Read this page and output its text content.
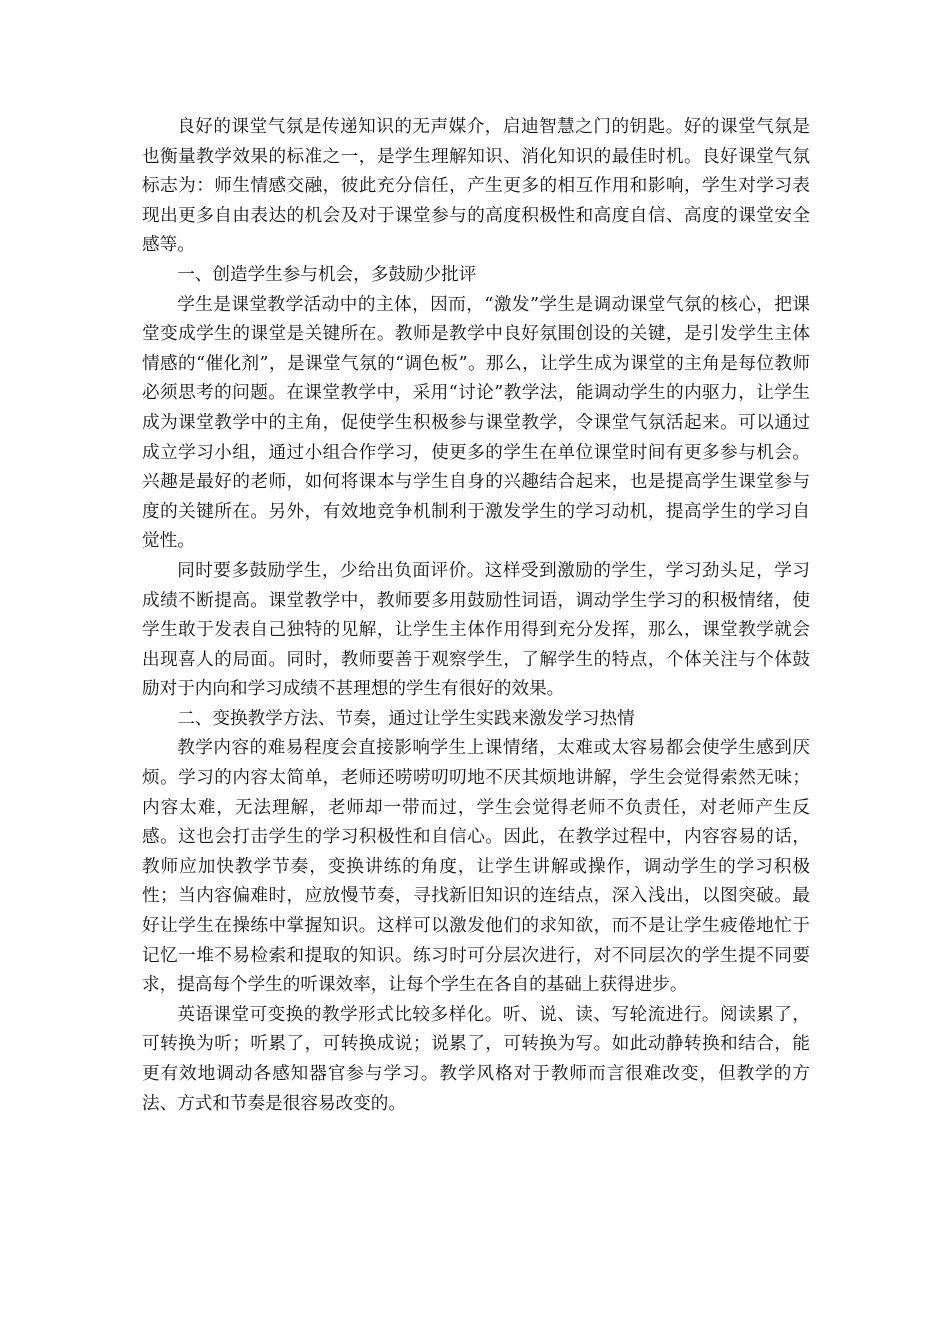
良好的课堂气氛是传递知识的无声媒介，启迪智慧之门的钥匙。好的课堂气氛是也衡量教学效果的标准之一，是学生理解知识、消化知识的最佳时机。良好课堂气氛标志为：师生情感交融，彼此充分信任，产生更多的相互作用和影响，学生对学习表现出更多自由表达的机会及对于课堂参与的高度积极性和高度自信、高度的课堂安全感等。

一、创造学生参与机会，多鼓励少批评

学生是课堂教学活动中的主体，因而，“激发”学生是调动课堂气氛的核心，把课堂变成学生的课堂是关键所在。教师是教学中良好氛围创设的关键，是引发学生主体情感的“催化剂”，是课堂气氛的“调色板”。那么，让学生成为课堂的主角是每位教师必须思考的问题。在课堂教学中，采用“讨论”教学法，能调动学生的内驱力，让学生成为课堂教学中的主角，促使学生积极参与课堂教学，令课堂气氛活起来。可以通过成立学习小组，通过小组合作学习，使更多的学生在单位课堂时间有更多参与机会。兴趣是最好的老师，如何将课本与学生自身的兴趣结合起来，也是提高学生课堂参与度的关键所在。另外，有效地竞争机制利于激发学生的学习动机，提高学生的学习自觉性。

同时要多鼓励学生，少给出负面评价。这样受到激励的学生，学习劲头足，学习成绩不断提高。课堂教学中，教师要多用鼓励性词语，调动学生学习的积极情绪，使学生敢于发表自己独特的见解，让学生主体作用得到充分发挥，那么，课堂教学就会出现喜人的局面。同时，教师要善于观察学生，了解学生的特点，个体关注与个体鼓励对于内向和学习成绩不甚理想的学生有很好的效果。

二、变换教学方法、节奏，通过让学生实践来激发学习热情

教学内容的难易程度会直接影响学生上课情绪，太难或太容易都会使学生感到厌烦。学习的内容太简单，老师还唠唠叨叨地不厌其烦地讲解，学生会觉得索然无味；内容太难，无法理解，老师却一带而过，学生会觉得老师不负责任，对老师产生反感。这也会打击学生的学习积极性和自信心。因此，在教学过程中，内容容易的话，教师应加快教学节奏，变换讲练的角度，让学生讲解或操作，调动学生的学习积极性；当内容偏难时，应放慢节奏，寻找新旧知识的连结点，深入浅出，以图突破。最好让学生在操练中掌握知识。这样可以激发他们的求知欲，而不是让学生疲倦地忙于记忆一堆不易检索和提取的知识。练习时可分层次进行，对不同层次的学生提不同要求，提高每个学生的听课效率，让每个学生在各自的基础上获得进步。

英语课堂可变换的教学形式比较多样化。听、说、读、写轮流进行。阅读累了，可转换为听；听累了，可转换成说；说累了，可转换为写。如此动静转换和结合，能更有效地调动各感知器官参与学习。教学风格对于教师而言很难改变，但教学的方法、方式和节奏是很容易改变的。
